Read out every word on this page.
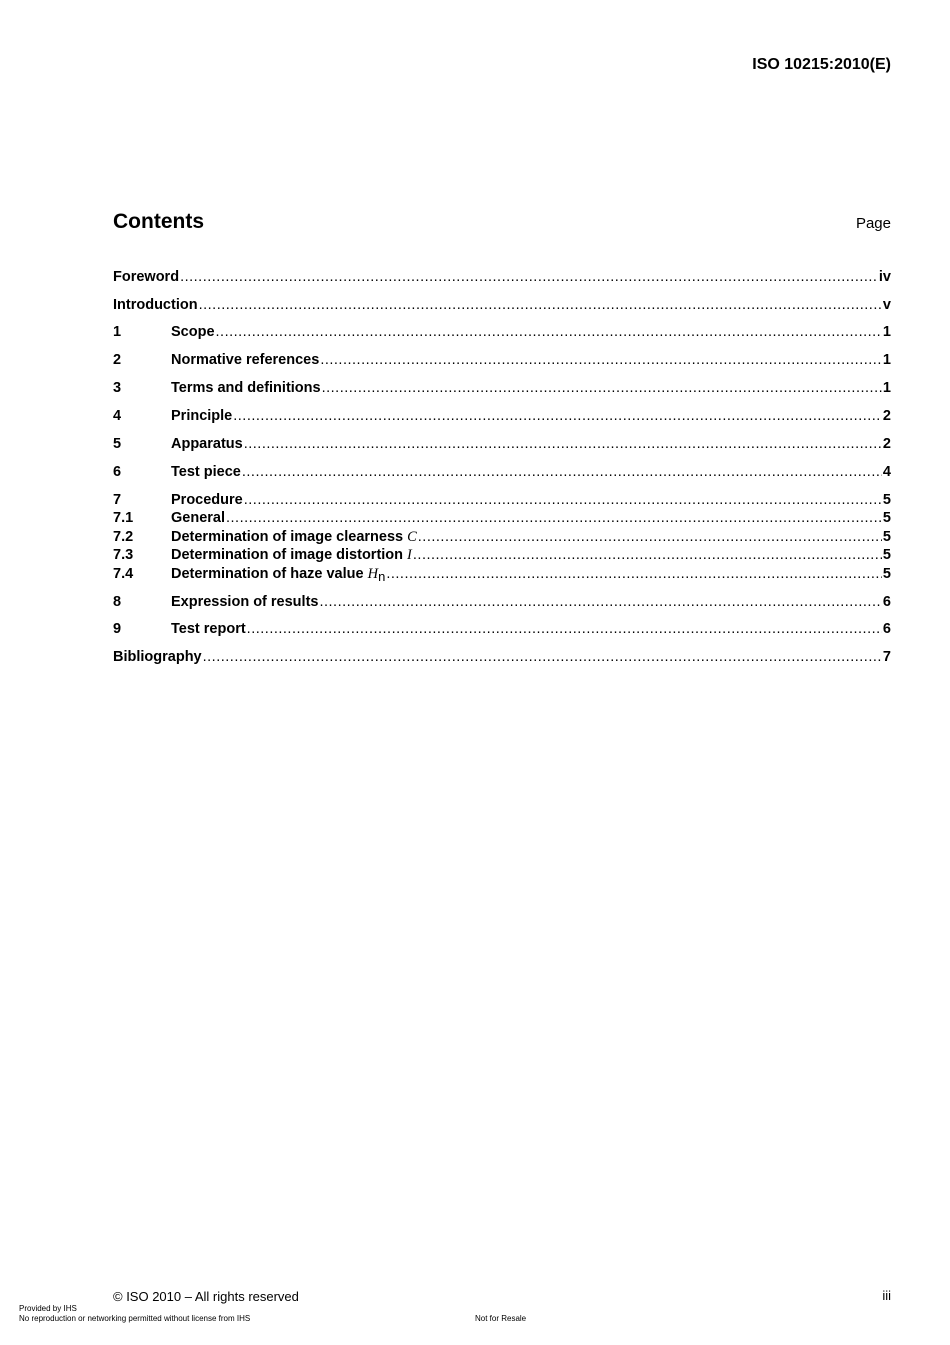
ISO 10215:2010(E)
Contents	Page
Foreword .....	iv
Introduction .....	v
1	Scope .....	1
2	Normative references .....	1
3	Terms and definitions .....	1
4	Principle .....	2
5	Apparatus .....	2
6	Test piece .....	4
7	Procedure .....	5
7.1	General .....	5
7.2	Determination of image clearness C .....	5
7.3	Determination of image distortion I .....	5
7.4	Determination of haze value Hn .....	5
8	Expression of results .....	6
9	Test report .....	6
Bibliography .....	7
© ISO 2010 – All rights reserved	iii
Provided by IHS
No reproduction or networking permitted without license from IHS	Not for Resale
